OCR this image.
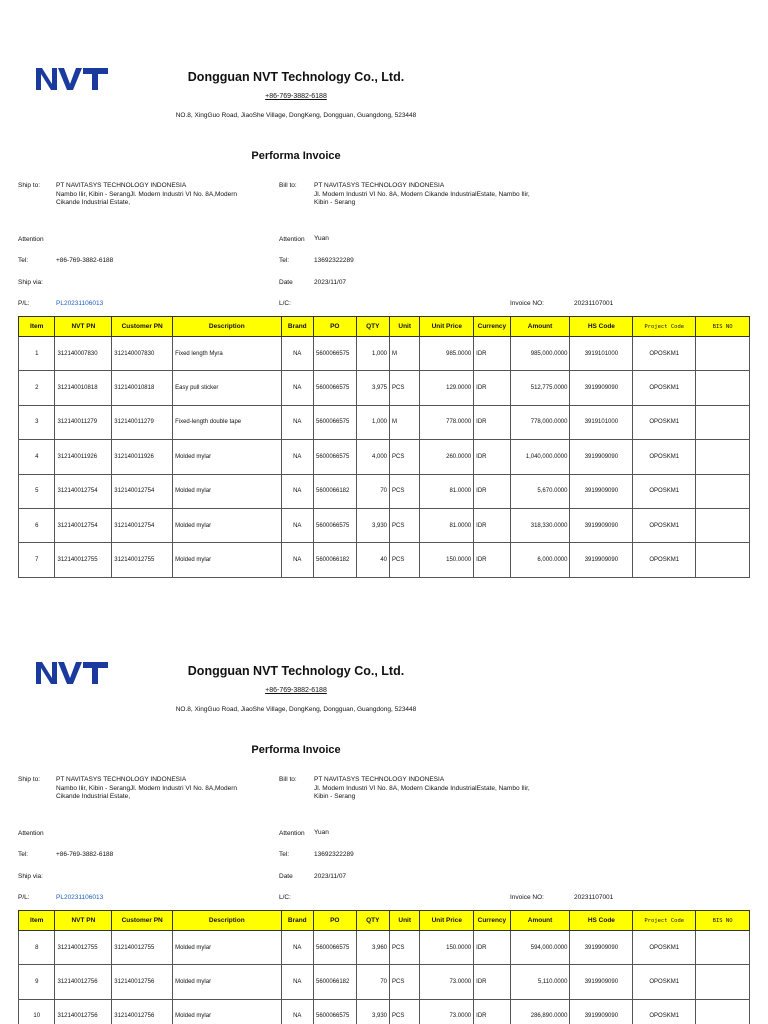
Dongguan NVT Technology Co., Ltd.
+86-769-3882-6188
NO.8, XingGuo Road, JiaoShe Village, DongKeng, Dongguan, Guangdong, 523448
Performa Invoice
Ship to: PT NAVITASYS TECHNOLOGY INDONESIA
Nambo Ilir, Kibin - SerangJl. Modern Industri VI No. 8A,Modern
Cikande Industrial Estate,
Bill to:	PT NAVITASYS TECHNOLOGY INDONESIA
Jl. Modern Industri VI No. 8A, Modern Cikande IndustrialEstate, Nambo Ilir,
Kibin - Serang
Attention	Attention Yuan
Tel:	+86-769-3882-6188	Tel:	13692322289
Ship via:	Date	2023/11/07
P/L:	PL20231106013	L/C:	Invoice NO:	20231107001
Item	NVT PN	Customer PN	Description	Brand	PO	QTY	Unit	Unit Price	Currency	Amount	HS Code	Project Code	BIS NO
1	312140007830	312140007830	Fixed length Myra	NA	5600066575	1,000	M	985.0000	IDR	985,000.0000	3919101000	OPOSKM1	
2	312140010818	312140010818	Easy pull sticker	NA	5600066575	3,975	PCS	129.0000	IDR	512,775.0000	3919909090	OPOSKM1	
3	312140011279	312140011279	Fixed-length double tape	NA	5600066575	1,000	M	778.0000	IDR	778,000.0000	3919101000	OPOSKM1	
4	312140011926	312140011926	Molded mylar	NA	5600066575	4,000	PCS	260.0000	IDR	1,040,000.0000	3919909090	OPOSKM1	
5	312140012754	312140012754	Molded mylar	NA	5600066182	70	PCS	81.0000	IDR	5,670.0000	3919909090	OPOSKM1	
6	312140012754	312140012754	Molded mylar	NA	5600066575	3,930	PCS	81.0000	IDR	318,330.0000	3919909090	OPOSKM1	
7	312140012755	312140012755	Molded mylar	NA	5600066182	40	PCS	150.0000	IDR	6,000.0000	3919909090	OPOSKM1	
Dongguan NVT Technology Co., Ltd.
+86-769-3882-6188
NO.8, XingGuo Road, JiaoShe Village, DongKeng, Dongguan, Guangdong, 523448
Performa Invoice
Ship to: PT NAVITASYS TECHNOLOGY INDONESIA
Nambo Ilir, Kibin - SerangJl. Modern Industri VI No. 8A,Modern
Cikande Industrial Estate,
Bill to:	PT NAVITASYS TECHNOLOGY INDONESIA
Jl. Modern Industri VI No. 8A, Modern Cikande IndustrialEstate, Nambo Ilir,
Kibin - Serang
Attention	Attention Yuan
Tel:	+86-769-3882-6188	Tel:	13692322289
Ship via:	Date	2023/11/07
P/L:	PL20231106013	L/C:	Invoice NO:	20231107001
Item	NVT PN	Customer PN	Description	Brand	PO	QTY	Unit	Unit Price	Currency	Amount	HS Code	Project Code	BIS NO
8	312140012755	312140012755	Molded mylar	NA	5600066575	3,960	PCS	150.0000	IDR	594,000.0000	3919909090	OPOSKM1	
9	312140012756	312140012756	Molded mylar	NA	5600066182	70	PCS	73.0000	IDR	5,110.0000	3919909090	OPOSKM1	
10	312140012756	312140012756	Molded mylar	NA	5600066575	3,930	PCS	73.0000	IDR	286,890.0000	3919909090	OPOSKM1	
